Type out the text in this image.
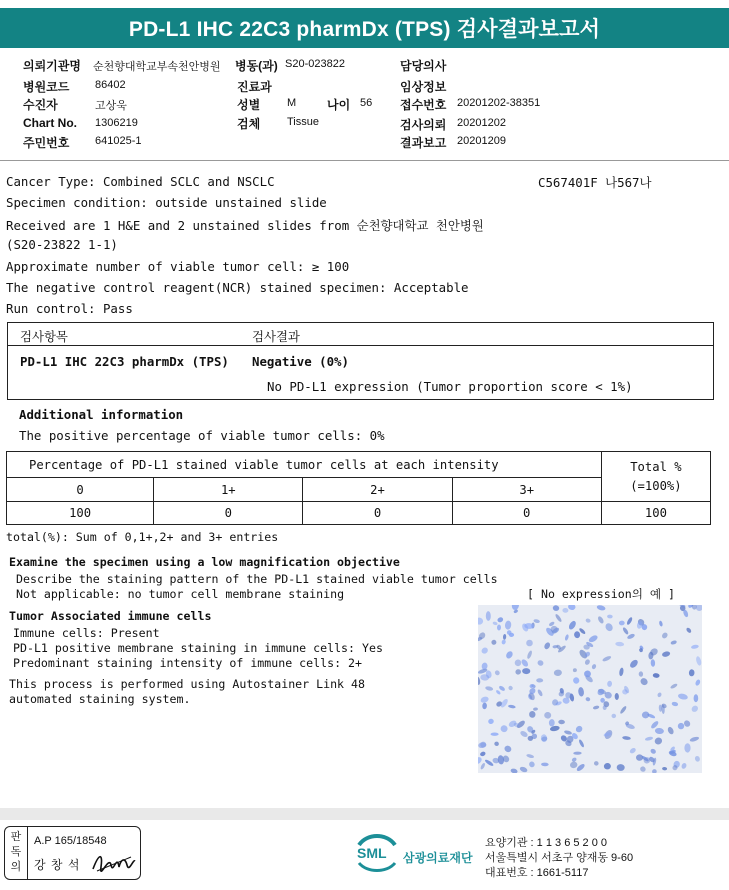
PD-L1 IHC 22C3 pharmDx (TPS) 검사결과보고서
의뢰기관명 순천향대학교부속천안병원 병동(과) S20-023822	담당의사
병원코드 86402	진료과	임상정보
수진자	고상욱	성별 M	나이 56 접수번호 20201202-38351
Chart No. 1306219	검체 Tissue	검사의뢰 20201202
주민번호 641025-1	결과보고 20201209
Cancer Type: Combined SCLC and NSCLC	C567401F 나567나
Specimen condition: outside unstained slide
Received are 1 H&E and 2 unstained slides from 순천향대학교 천안병원
(S20-23822 1-1)
Approximate number of viable tumor cell: ≥ 100
The negative control reagent(NCR) stained specimen: Acceptable
Run control: Pass
검사항목	검사결과
PD-L1 IHC 22C3 pharmDx (TPS) Negative (0%)
No PD-L1 expression (Tumor proportion score < 1%)
Additional information
The positive percentage of viable tumor cells: 0%
Percentage of PD-L1 stained viable tumor cells at each intensity				Total %
(=100%)
0	1+	2+	3+	
100	0	0	0	100
total(%): Sum of 0,1+,2+ and 3+ entries
Examine the specimen using a low magnification objective
Describe the staining pattern of the PD-L1 stained viable tumor cells
Not applicable: no tumor cell membrane staining	[ No expression의 예 ]
Tumor Associated immune cells
Immune cells: Present
PD-L1 positive membrane staining in immune cells: Yes
Predominant staining intensity of immune cells: 2+
This process is performed using Autostainer Link 48
automated staining system.
판독의
A.P 165/18548
강 창 석
SML 삼광의료재단
요양기관 : 1 1 3 6 5 2 0 0
서울특별시 서초구 양재동 9-60
대표번호 : 1661-5117
